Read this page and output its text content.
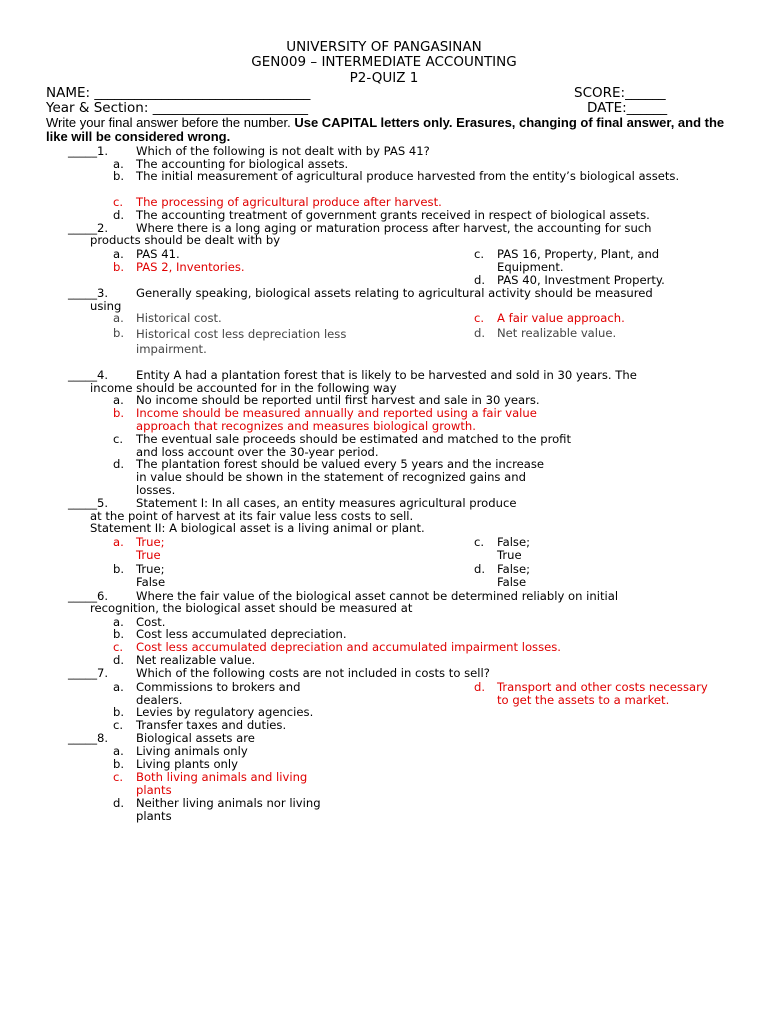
UNIVERSITY OF PANGASINAN
GEN009 – INTERMEDIATE ACCOUNTING
P2-QUIZ 1
NAME: ________________________________	SCORE:______
Year & Section: _______________________	DATE:______
Write your final answer before the number. Use CAPITAL letters only. Erasures, changing of final answer, and the like will be considered wrong.
_____1. Which of the following is not dealt with by PAS 41?
a. The accounting for biological assets.
b. The initial measurement of agricultural produce harvested from the entity’s biological assets.
c. The processing of agricultural produce after harvest.
d. The accounting treatment of government grants received in respect of biological assets.
_____2. Where there is a long aging or maturation process after harvest, the accounting for such
products should be dealt with by
a. PAS 41.
b. PAS 2, Inventories.
c. PAS 16, Property, Plant, and Equipment.
d. PAS 40, Investment Property.
_____3. Generally speaking, biological assets relating to agricultural activity should be measured
using
a. Historical cost.
b. Historical cost less depreciation less impairment.
c. A fair value approach.
d. Net realizable value.
_____4. Entity A had a plantation forest that is likely to be harvested and sold in 30 years. The
income should be accounted for in the following way
a. No income should be reported until first harvest and sale in 30 years.
b. Income should be measured annually and reported using a fair value approach that recognizes and measures biological growth.
c. The eventual sale proceeds should be estimated and matched to the profit and loss account over the 30-year period.
d. The plantation forest should be valued every 5 years and the increase in value should be shown in the statement of recognized gains and losses.
_____5. Statement I: In all cases, an entity measures agricultural produce
at the point of harvest at its fair value less costs to sell.
Statement II: A biological asset is a living animal or plant.
a. True;
True
b. True;
False
c. False;
True
d. False;
False
_____6. Where the fair value of the biological asset cannot be determined reliably on initial
recognition, the biological asset should be measured at
a. Cost.
b. Cost less accumulated depreciation.
c. Cost less accumulated depreciation and accumulated impairment losses.
d. Net realizable value.
_____7. Which of the following costs are not included in costs to sell?
a. Commissions to brokers and dealers.
b. Levies by regulatory agencies.
c. Transfer taxes and duties.
d. Transport and other costs necessary to get the assets to a market.
_____8. Biological assets are
a. Living animals only
b. Living plants only
c. Both living animals and living plants
d. Neither living animals nor living plants
